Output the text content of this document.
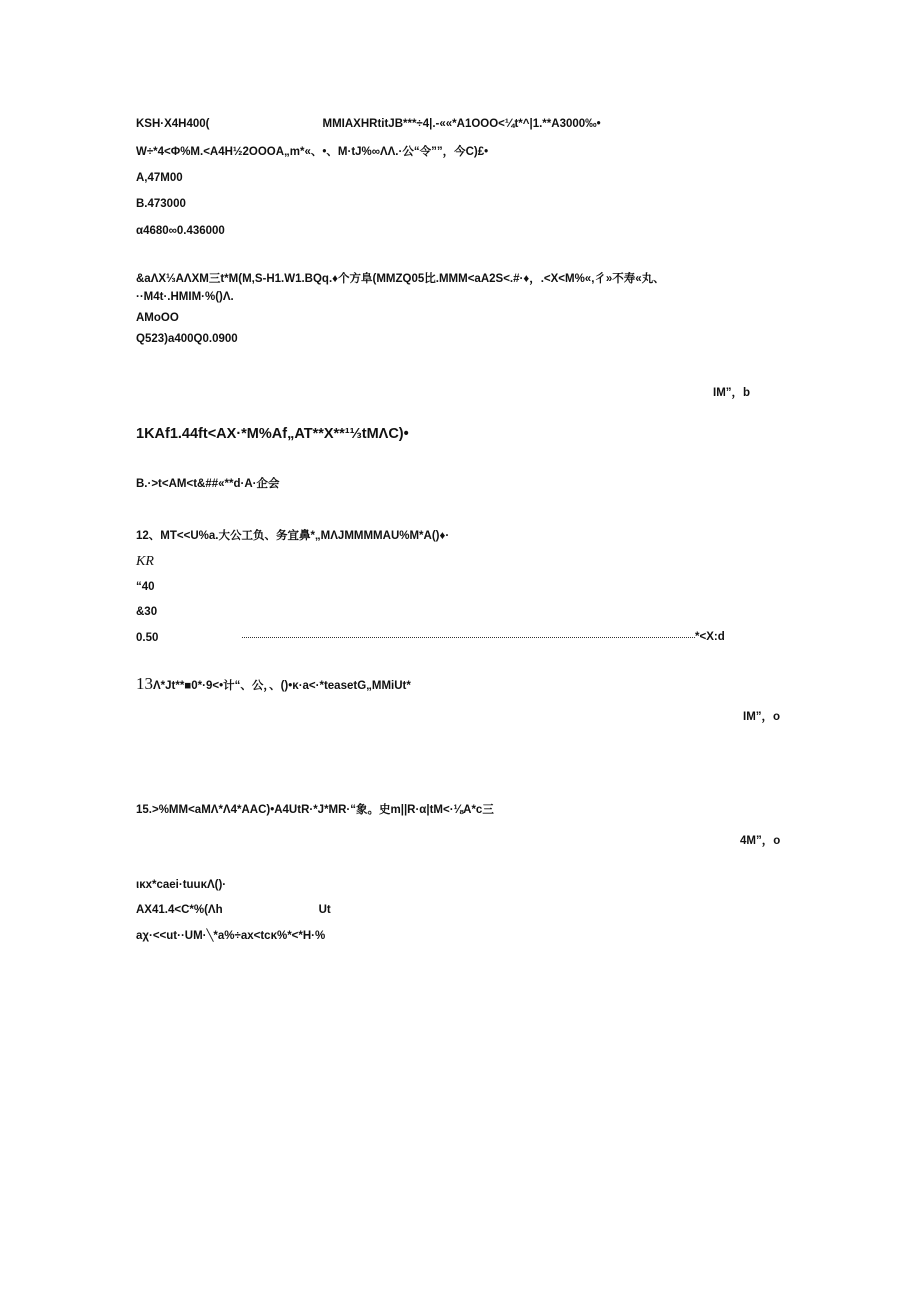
KSH·X4H400(	MMIAXHRtitJB***÷4|.-««*A1OOO<¼t*^|1.**A3000‰•
W÷*4<Φ%M.<A4H½2OOOA„m*«、•、M·tJ%∞ΛΛ.·公“令””，今C)£•
A,47M00
B.473000
α4680∞0.436000
&aΛX⅓AΛXM三t*M(M,S-H1.W1.BQq.♦个方阜(MMZQ05比.MMM<aA2S<.#·♦，.<X<M%«,彳»不寿«丸、
··M4t·.HMIM·%()Λ.
AMoOO
Q523)a400Q0.0900
IM”，b
1KAf1.44ft<AX·*M%Af„AT**X**¹⅓tMΛC)•
B.·>t<AM<t&##«**d·A·企会
12、MT<<U%a.大公工负、务宜鼻*„MΛJMMMMAU%M*A()♦·
KR
“40
&30
0.50	*<X:d
13Λ*Jt**■0*·9<•计“、公，、()•κ·a<·*teasetG„MMiUt*
IM”，o
15.>%MM<aMΛ*Λ4*AAC)•A4UtR·*J*MR·“象。史m||R·α|tM<·⅛A*c三
4M”，o
ικx*caei·tuuκΛ()·
AX41.4<C*%(Λh	Ut
aχ·<<ut··UM·╲*a%÷ax<tcκ%*<*H·%
